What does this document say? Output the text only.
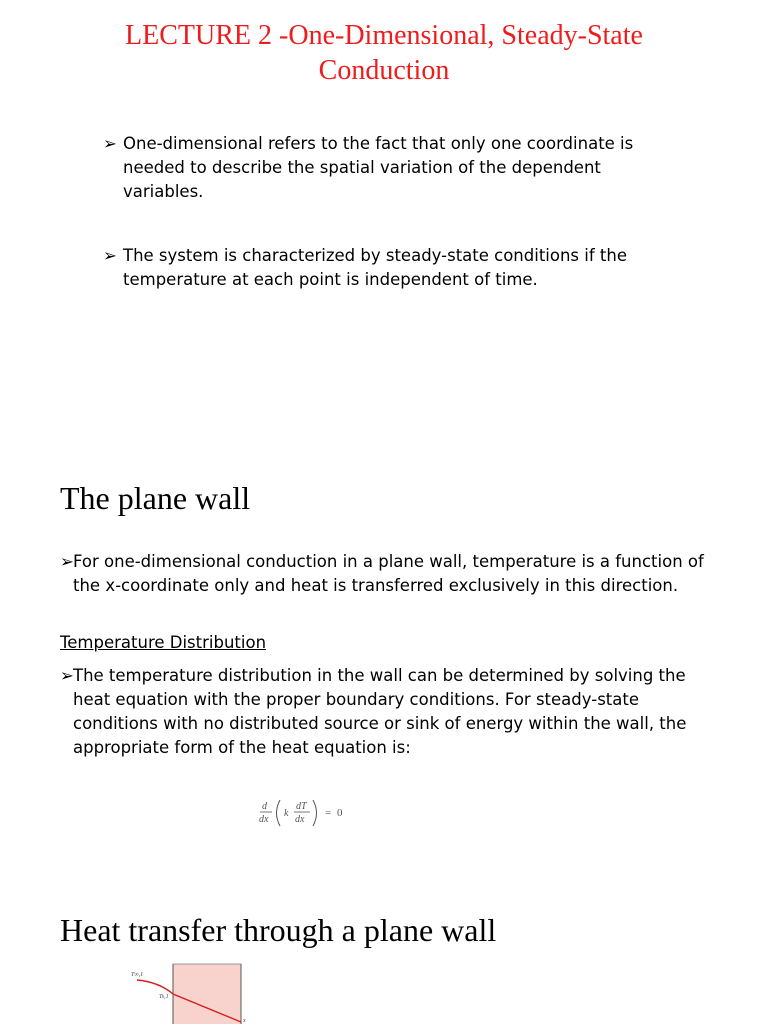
LECTURE 2 -One-Dimensional, Steady-State Conduction
➢ One-dimensional refers to the fact that only one coordinate is needed to describe the spatial variation of the dependent variables.
➢ The system is characterized by steady-state conditions if the temperature at each point is independent of time.
The plane wall
➢ For one-dimensional conduction in a plane wall, temperature is a function of the x-coordinate only and heat is transferred exclusively in this direction.
Temperature Distribution
➢ The temperature distribution in the wall can be determined by solving the heat equation with the proper boundary conditions. For steady-state conditions with no distributed source or sink of energy within the wall, the appropriate form of the heat equation is:
d
dx
k
dT
dx
= 0
Heat transfer through a plane wall
T∞,1
Ts,1
x
